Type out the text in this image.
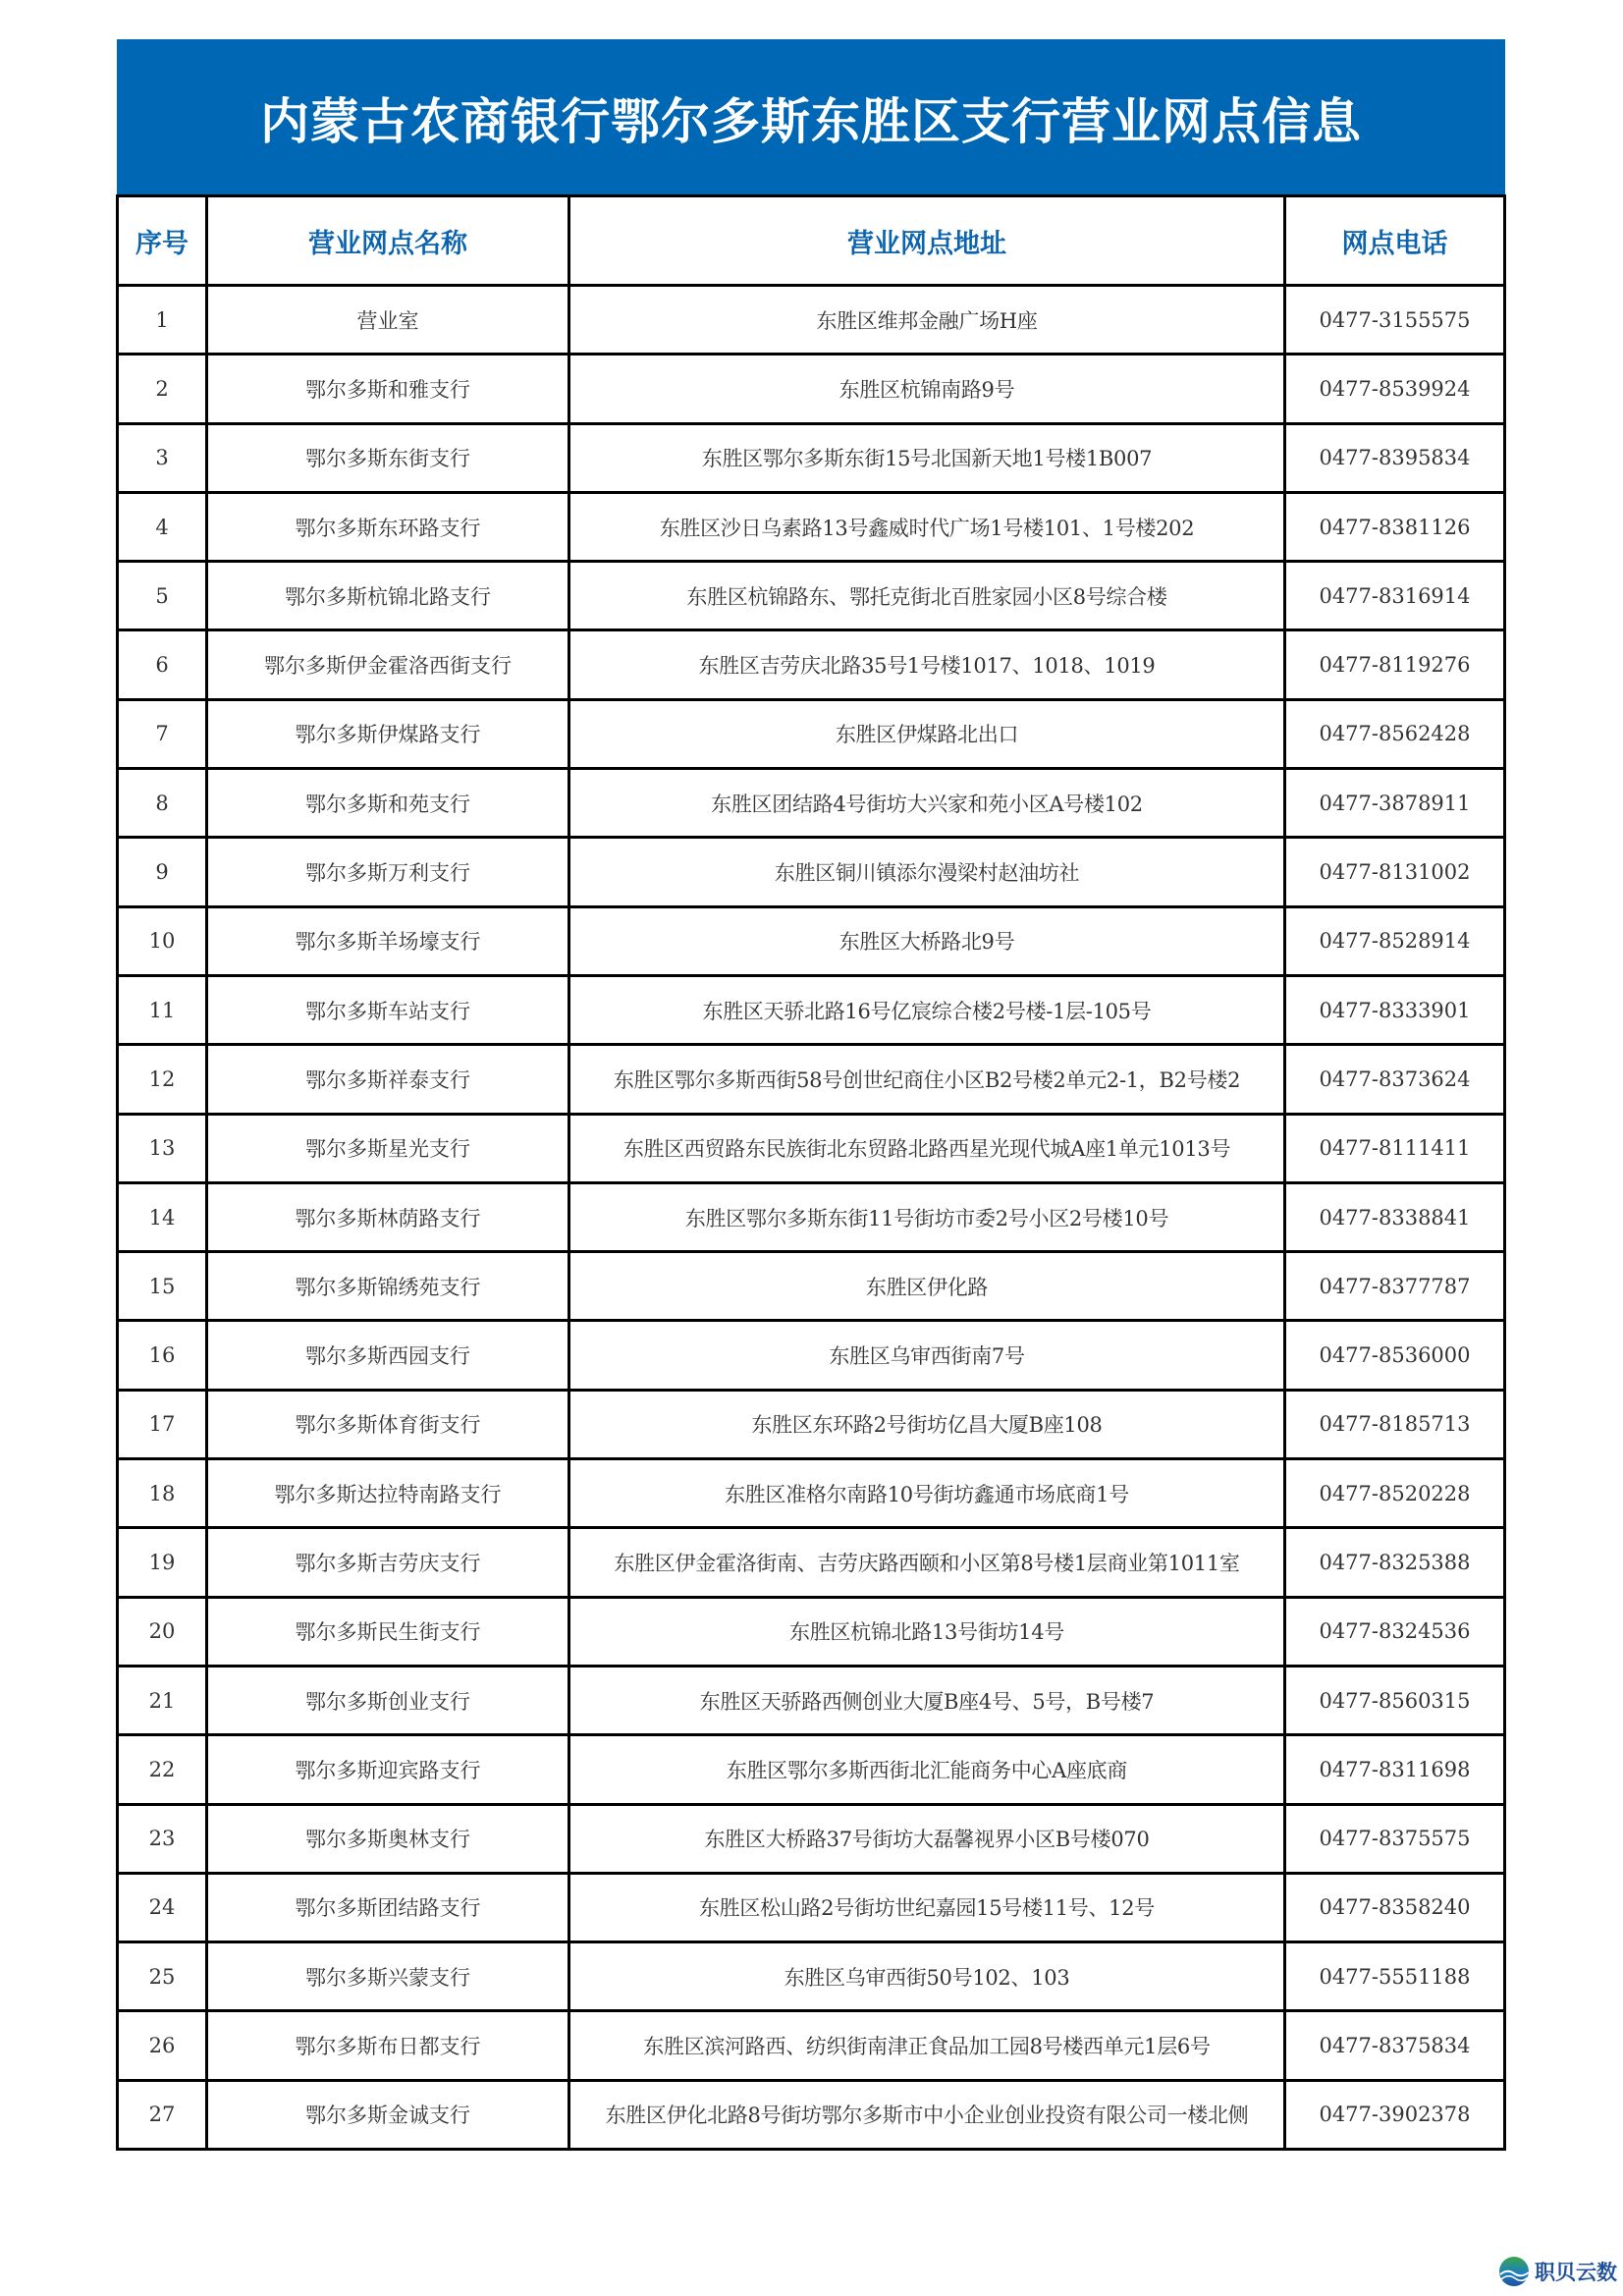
内蒙古农商银行鄂尔多斯东胜区支行营业网点信息
序号	营业网点名称	营业网点地址	网点电话
1	营业室	东胜区维邦金融广场H座	0477-3155575
2	鄂尔多斯和雅支行	东胜区杭锦南路9号	0477-8539924
3	鄂尔多斯东街支行	东胜区鄂尔多斯东街15号北国新天地1号楼1B007	0477-8395834
4	鄂尔多斯东环路支行	东胜区沙日乌素路13号鑫威时代广场1号楼101、1号楼202	0477-8381126
5	鄂尔多斯杭锦北路支行	东胜区杭锦路东、鄂托克街北百胜家园小区8号综合楼	0477-8316914
6	鄂尔多斯伊金霍洛西街支行	东胜区吉劳庆北路35号1号楼1017、1018、1019	0477-8119276
7	鄂尔多斯伊煤路支行	东胜区伊煤路北出口	0477-8562428
8	鄂尔多斯和苑支行	东胜区团结路4号街坊大兴家和苑小区A号楼102	0477-3878911
9	鄂尔多斯万利支行	东胜区铜川镇添尔漫梁村赵油坊社	0477-8131002
10	鄂尔多斯羊场壕支行	东胜区大桥路北9号	0477-8528914
11	鄂尔多斯车站支行	东胜区天骄北路16号亿宸综合楼2号楼-1层-105号	0477-8333901
12	鄂尔多斯祥泰支行	东胜区鄂尔多斯西街58号创世纪商住小区B2号楼2单元2-1，B2号楼2	0477-8373624
13	鄂尔多斯星光支行	东胜区西贸路东民族街北东贸路北路西星光现代城A座1单元1013号	0477-8111411
14	鄂尔多斯林荫路支行	东胜区鄂尔多斯东街11号街坊市委2号小区2号楼10号	0477-8338841
15	鄂尔多斯锦绣苑支行	东胜区伊化路	0477-8377787
16	鄂尔多斯西园支行	东胜区乌审西街南7号	0477-8536000
17	鄂尔多斯体育街支行	东胜区东环路2号街坊亿昌大厦B座108	0477-8185713
18	鄂尔多斯达拉特南路支行	东胜区准格尔南路10号街坊鑫通市场底商1号	0477-8520228
19	鄂尔多斯吉劳庆支行	东胜区伊金霍洛街南、吉劳庆路西颐和小区第8号楼1层商业第1011室	0477-8325388
20	鄂尔多斯民生街支行	东胜区杭锦北路13号街坊14号	0477-8324536
21	鄂尔多斯创业支行	东胜区天骄路西侧创业大厦B座4号、5号，B号楼7	0477-8560315
22	鄂尔多斯迎宾路支行	东胜区鄂尔多斯西街北汇能商务中心A座底商	0477-8311698
23	鄂尔多斯奥林支行	东胜区大桥路37号街坊大磊馨视界小区B号楼070	0477-8375575
24	鄂尔多斯团结路支行	东胜区松山路2号街坊世纪嘉园15号楼11号、12号	0477-8358240
25	鄂尔多斯兴蒙支行	东胜区乌审西街50号102、103	0477-5551188
26	鄂尔多斯布日都支行	东胜区滨河路西、纺织街南津正食品加工园8号楼西单元1层6号	0477-8375834
27	鄂尔多斯金诚支行	东胜区伊化北路8号街坊鄂尔多斯市中小企业创业投资有限公司一楼北侧	0477-3902378
职贝云数
